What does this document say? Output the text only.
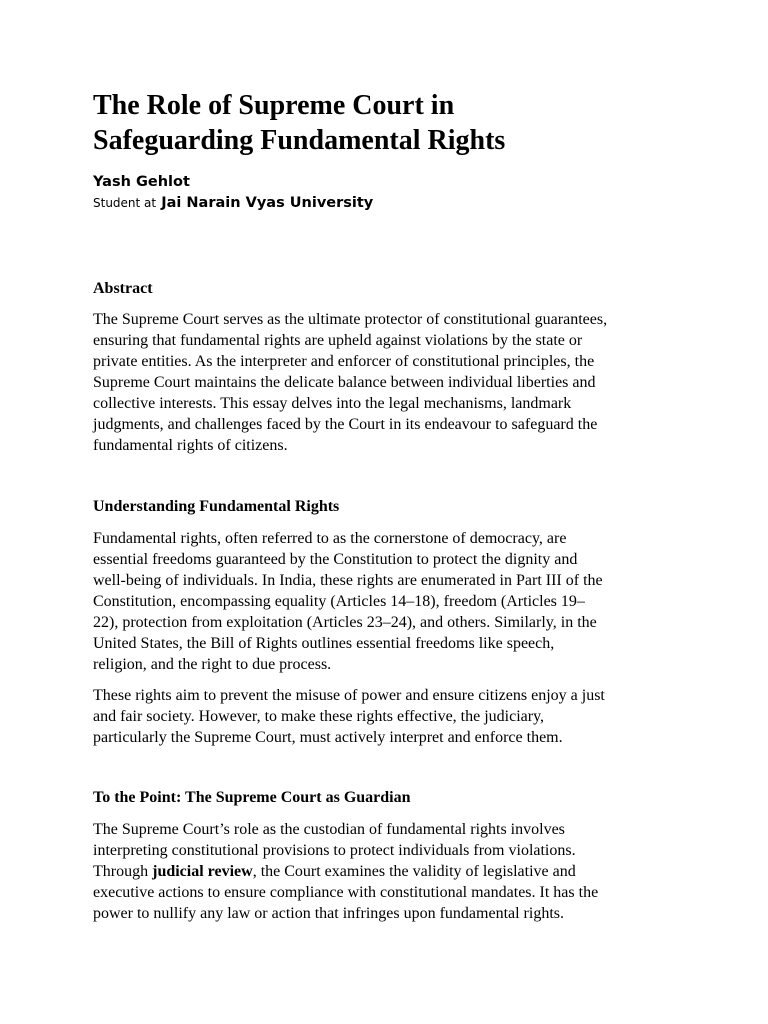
The Role of Supreme Court in
Safeguarding Fundamental Rights
Yash Gehlot
Student at Jai Narain Vyas University
Abstract
The Supreme Court serves as the ultimate protector of constitutional guarantees,
ensuring that fundamental rights are upheld against violations by the state or
private entities. As the interpreter and enforcer of constitutional principles, the
Supreme Court maintains the delicate balance between individual liberties and
collective interests. This essay delves into the legal mechanisms, landmark
judgments, and challenges faced by the Court in its endeavour to safeguard the
fundamental rights of citizens.
Understanding Fundamental Rights
Fundamental rights, often referred to as the cornerstone of democracy, are
essential freedoms guaranteed by the Constitution to protect the dignity and
well-being of individuals. In India, these rights are enumerated in Part III of the
Constitution, encompassing equality (Articles 14–18), freedom (Articles 19–
22), protection from exploitation (Articles 23–24), and others. Similarly, in the
United States, the Bill of Rights outlines essential freedoms like speech,
religion, and the right to due process.
These rights aim to prevent the misuse of power and ensure citizens enjoy a just
and fair society. However, to make these rights effective, the judiciary,
particularly the Supreme Court, must actively interpret and enforce them.
To the Point: The Supreme Court as Guardian
The Supreme Court’s role as the custodian of fundamental rights involves
interpreting constitutional provisions to protect individuals from violations.
Through judicial review, the Court examines the validity of legislative and
executive actions to ensure compliance with constitutional mandates. It has the
power to nullify any law or action that infringes upon fundamental rights.
